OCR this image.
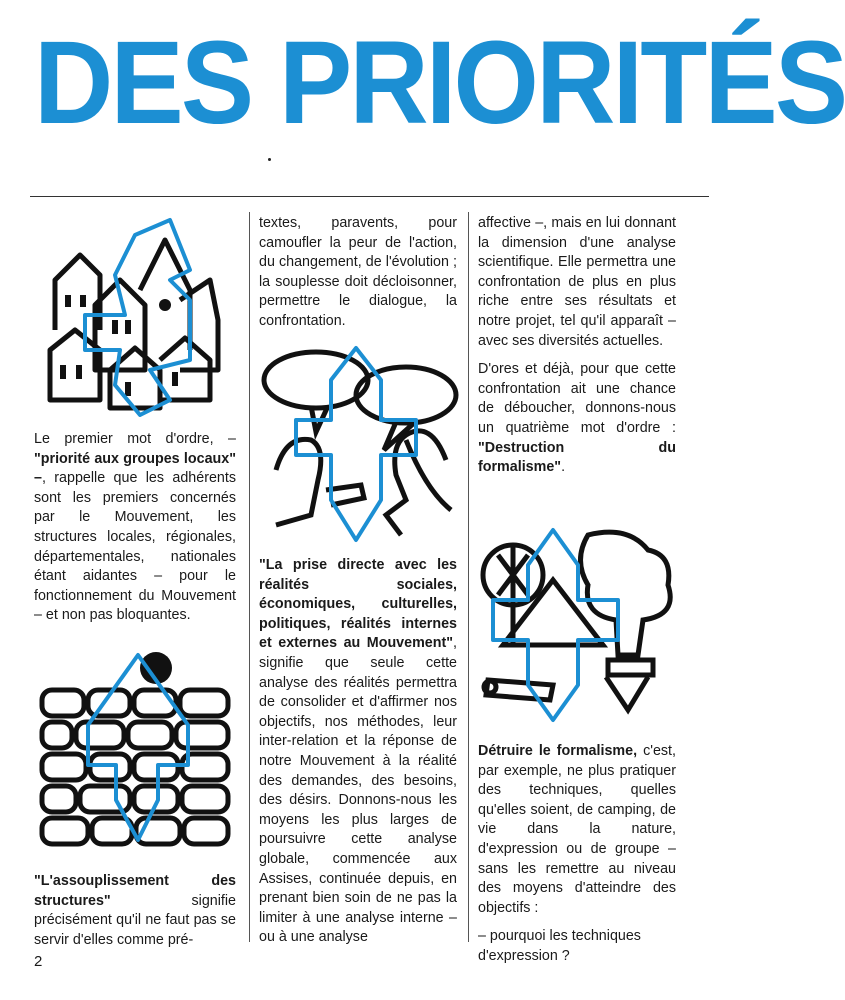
DES PRIORITÉS

Le premier mot d'ordre, – "priorité aux groupes locaux" –, rappelle que les adhérents sont les premiers concernés par le Mouvement, les structures locales, régionales, départementales, nationales étant aidantes – pour le fonctionnement du Mouvement – et non pas bloquantes.

"L'assouplissement des structures" signifie précisément qu'il ne faut pas se servir d'elles comme pré-

textes, paravents, pour camoufler la peur de l'action, du changement, de l'évolution ; la souplesse doit décloisonner, permettre le dialogue, la confrontation.

"La prise directe avec les réalités sociales, économiques, culturelles, politiques, réalités internes et externes au Mouvement", signifie que seule cette analyse des réalités permettra de consolider et d'affirmer nos objectifs, nos méthodes, leur inter-relation et la réponse de notre Mouvement à la réalité des demandes, des besoins, des désirs. Donnons-nous les moyens les plus larges de poursuivre cette analyse globale, commencée aux Assises, continuée depuis, en prenant bien soin de ne pas la limiter à une analyse interne – ou à une analyse

affective –, mais en lui donnant la dimension d'une analyse scientifique. Elle permettra une confrontation de plus en plus riche entre ses résultats et notre projet, tel qu'il apparaît – avec ses diversités actuelles.

D'ores et déjà, pour que cette confrontation ait une chance de déboucher, donnons-nous un quatrième mot d'ordre : "Destruction du formalisme".

Détruire le formalisme, c'est, par exemple, ne plus pratiquer des techniques, quelles qu'elles soient, de camping, de vie dans la nature, d'expression ou de groupe – sans les remettre au niveau des moyens d'atteindre des objectifs :

– pourquoi les techniques d'expression ?

2
